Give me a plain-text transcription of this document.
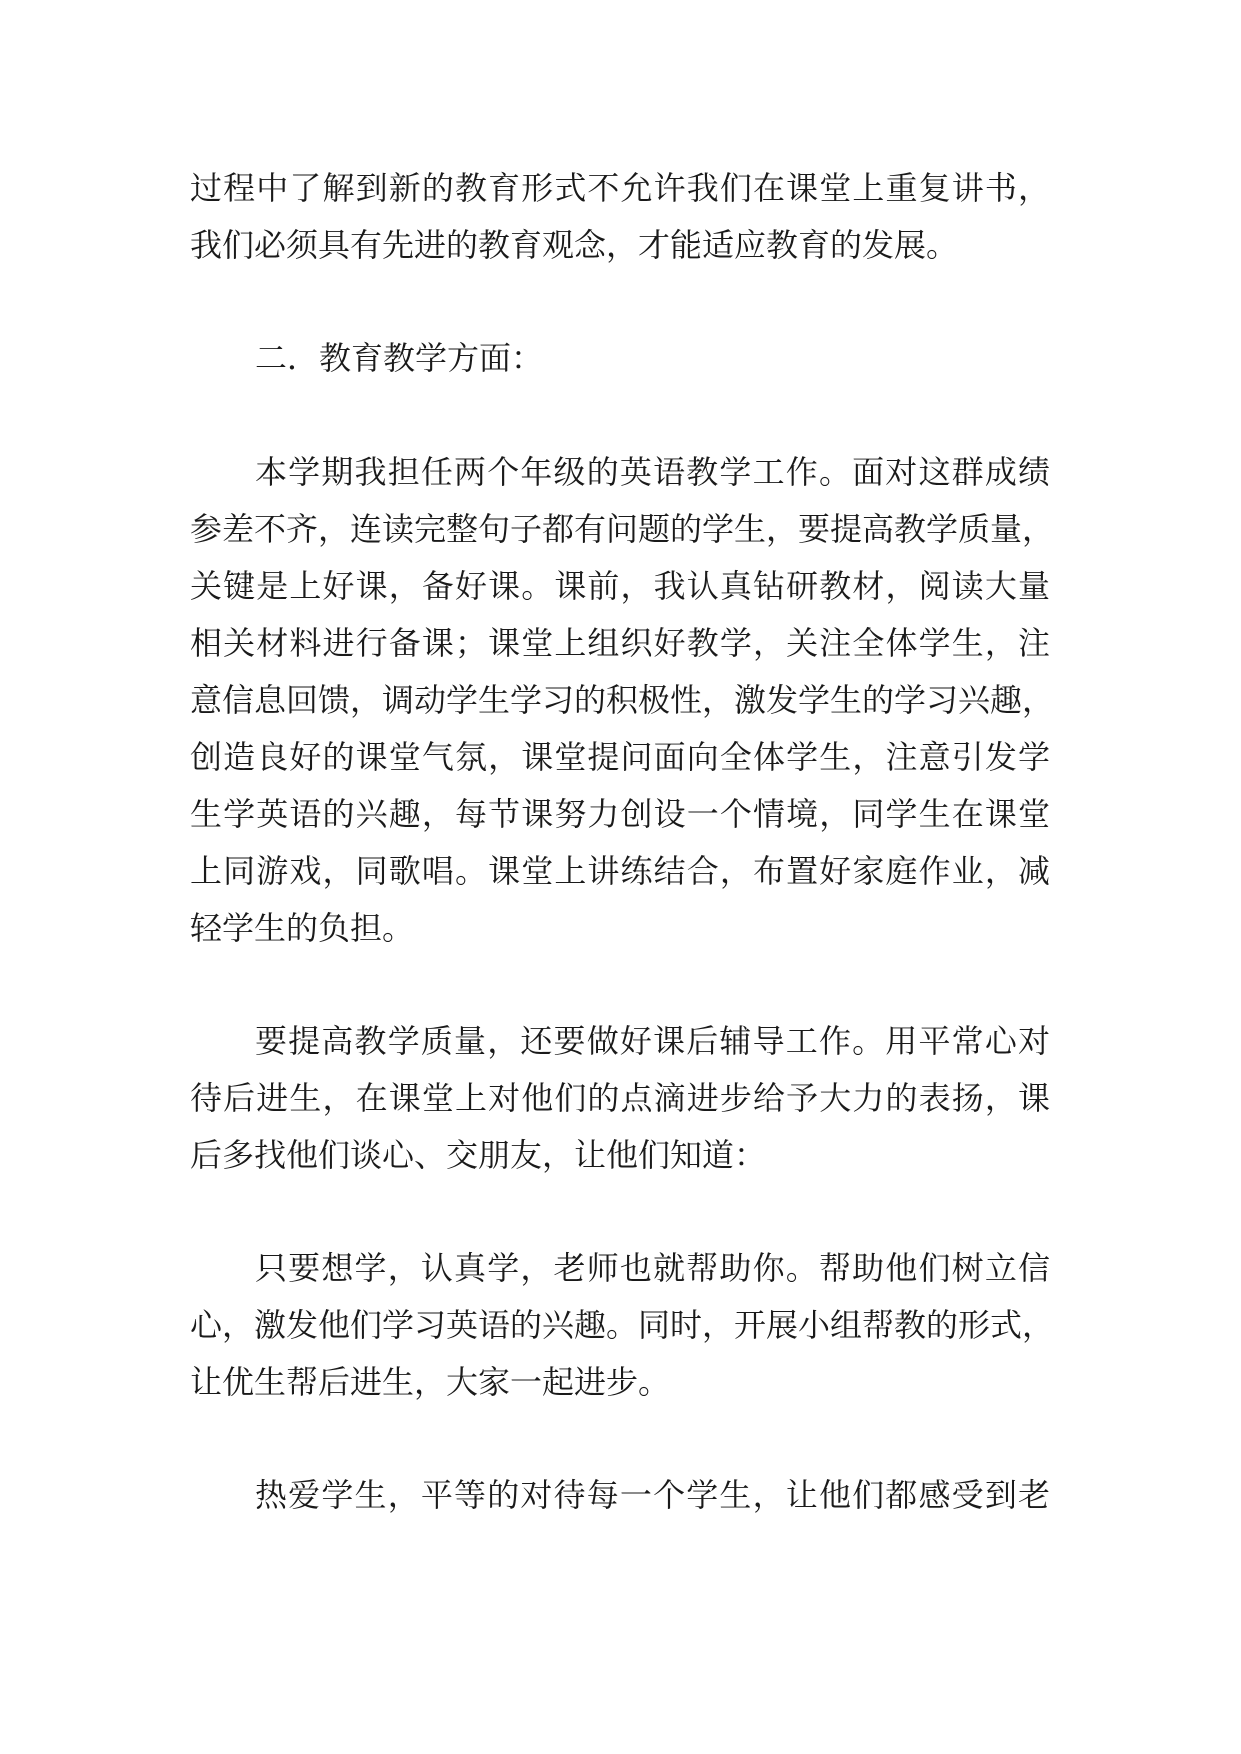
过程中了解到新的教育形式不允许我们在课堂上重复讲书，
我们必须具有先进的教育观念，才能适应教育的发展。
二．教育教学方面：
本学期我担任两个年级的英语教学工作。面对这群成绩
参差不齐，连读完整句子都有问题的学生，要提高教学质量，
关键是上好课，备好课。课前，我认真钻研教材，阅读大量
相关材料进行备课；课堂上组织好教学，关注全体学生，注
意信息回馈，调动学生学习的积极性，激发学生的学习兴趣，
创造良好的课堂气氛，课堂提问面向全体学生，注意引发学
生学英语的兴趣，每节课努力创设一个情境，同学生在课堂
上同游戏，同歌唱。课堂上讲练结合，布置好家庭作业，减
轻学生的负担。
要提高教学质量，还要做好课后辅导工作。用平常心对
待后进生，在课堂上对他们的点滴进步给予大力的表扬，课
后多找他们谈心、交朋友，让他们知道：
只要想学，认真学，老师也就帮助你。帮助他们树立信
心，激发他们学习英语的兴趣。同时，开展小组帮教的形式，
让优生帮后进生，大家一起进步。
热爱学生，平等的对待每一个学生，让他们都感受到老
